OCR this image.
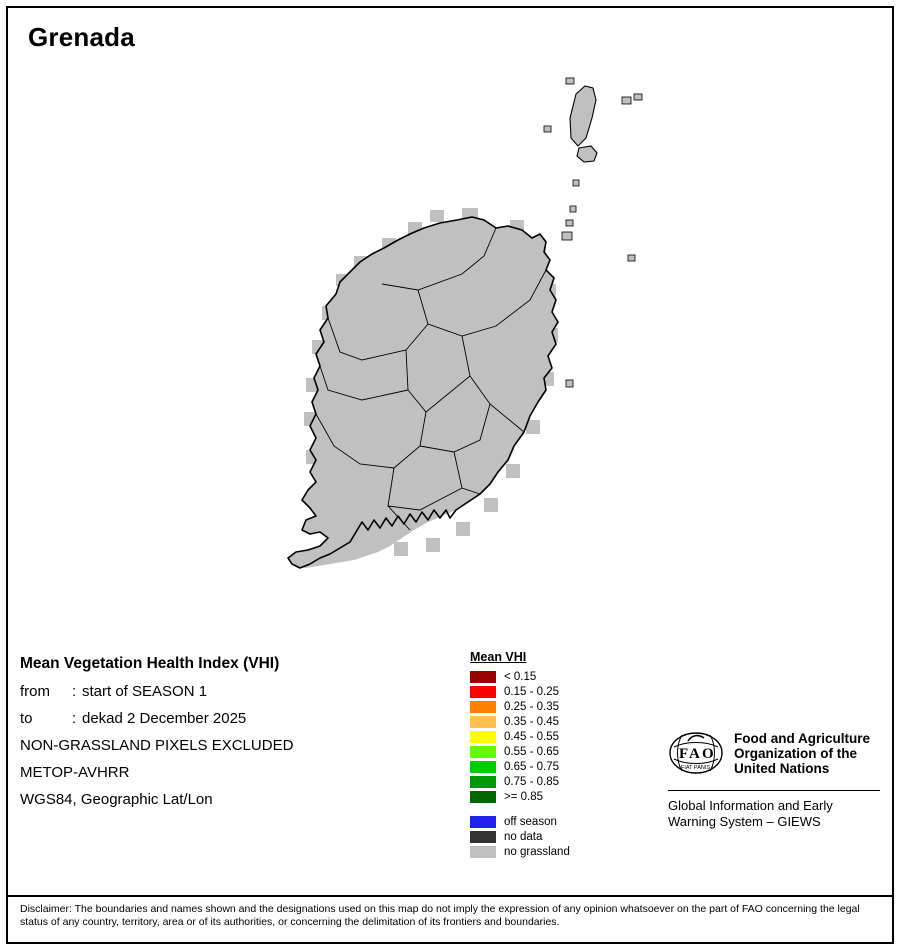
Grenada
Mean Vegetation Health Index (VHI)
from : start of SEASON 1
to	: dekad 2 December 2025
NON-GRASSLAND PIXELS EXCLUDED
METOP-AVHRR
WGS84, Geographic Lat/Lon
Mean VHI
< 0.15
0.15 - 0.25
0.25 - 0.35
0.35 - 0.45
0.45 - 0.55
0.55 - 0.65
0.65 - 0.75
0.75 - 0.85
>= 0.85
off season
no data
no grassland
F A O
FIAT PANIS
Food and Agriculture
Organization of the
United Nations
Global Information and Early
Warning System – GIEWS
Disclaimer: The boundaries and names shown and the designations used on this map do not imply the expression of any opinion whatsoever on the part of FAO concerning the legal status of any country, territory, area or of its authorities, or concerning the delimitation of its frontiers and boundaries.
